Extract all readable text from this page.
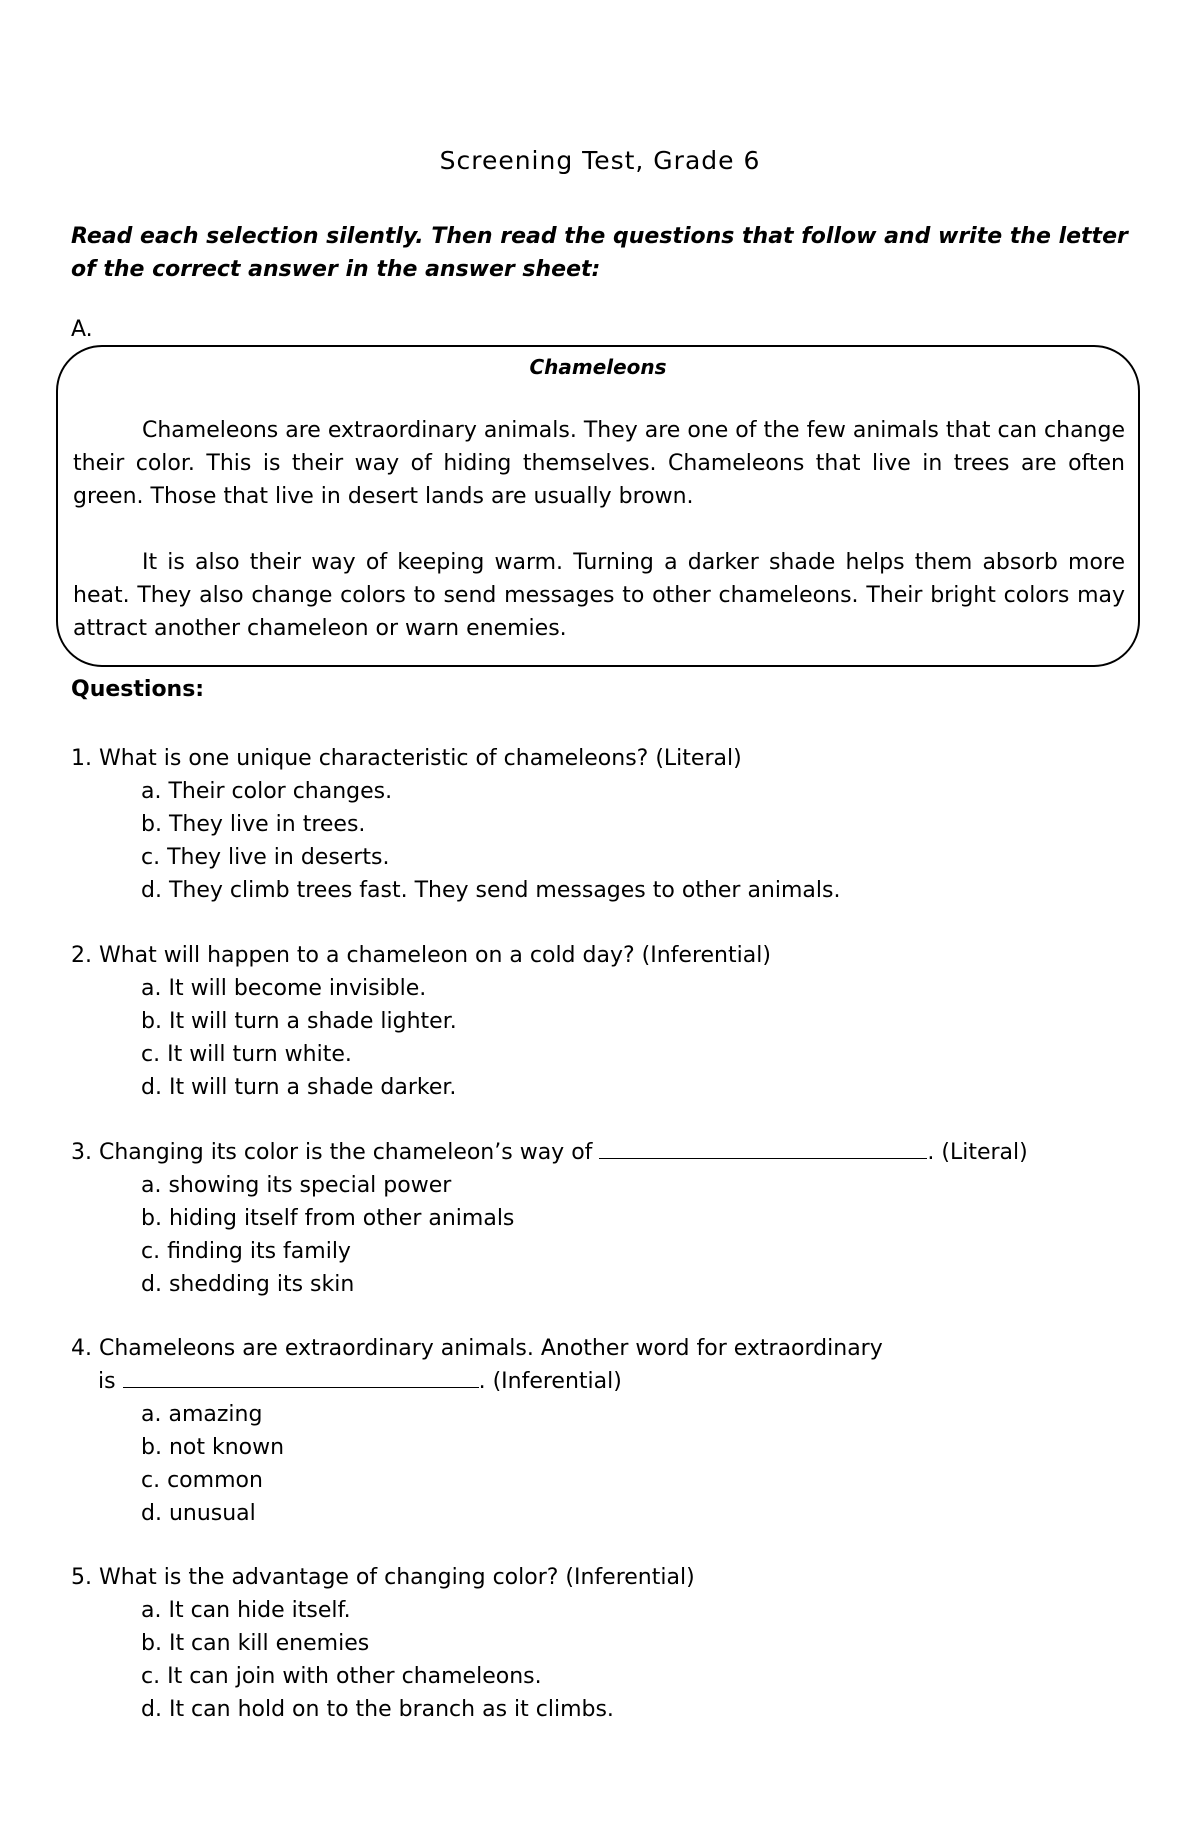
Screening Test, Grade 6
Read each selection silently. Then read the questions that follow and write the letter of the correct answer in the answer sheet:
A.
Chameleons

Chameleons are extraordinary animals. They are one of the few animals that can change their color. This is their way of hiding themselves. Chameleons that live in trees are often green. Those that live in desert lands are usually brown.

It is also their way of keeping warm. Turning a darker shade helps them absorb more heat. They also change colors to send messages to other chameleons. Their bright colors may attract another chameleon or warn enemies.

Questions:

1. What is one unique characteristic of chameleons? (Literal)

a. Their color changes.
b. They live in trees.
c. They live in deserts.
d. They climb trees fast. They send messages to other animals.

2. What will happen to a chameleon on a cold day? (Inferential)

a. It will become invisible.
b. It will turn a shade lighter.
c. It will turn white.
d. It will turn a shade darker.

3. Changing its color is the chameleon’s way of	. (Literal)

a. showing its special power
b. hiding itself from other animals
c. finding its family
d. shedding its skin

4. Chameleons are extraordinary animals. Another word for extraordinary
is	. (Inferential)

a. amazing
b. not known
c. common
d. unusual

5. What is the advantage of changing color? (Inferential)

a. It can hide itself.
b. It can kill enemies
c. It can join with other chameleons.
d. It can hold on to the branch as it climbs.
